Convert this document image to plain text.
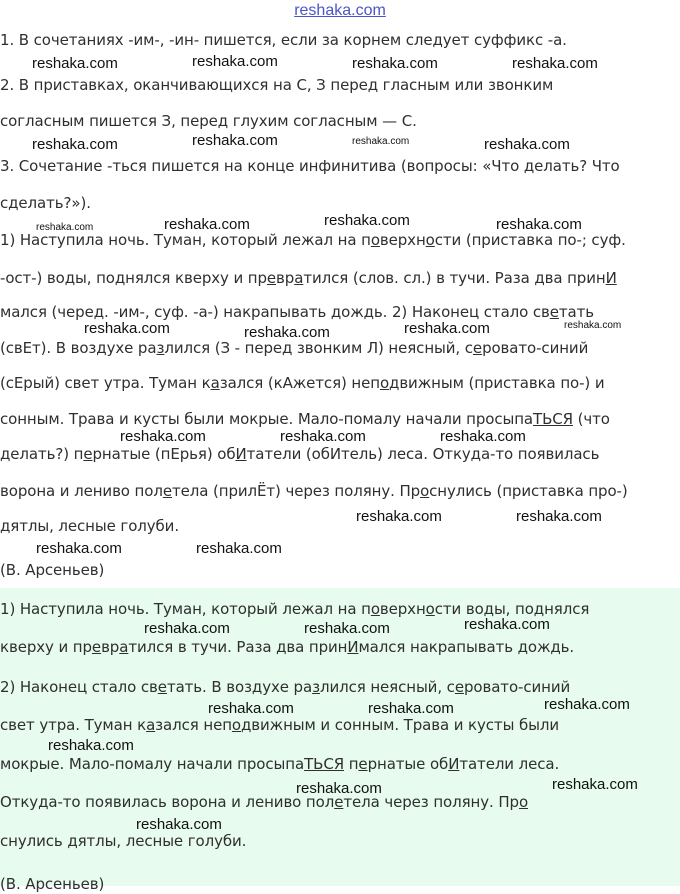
reshaka.com
1. В сочетаниях -им-, -ин- пишется, если за корнем следует суффикс -а.
2. В приставках, оканчивающихся на С, З перед гласным или звонким
согласным пишется З, перед глухим согласным — С.
3. Сочетание -ться пишется на конце инфинитива (вопросы: «Что делать? Что
сделать?»).
1) Наступила ночь. Туман, который лежал на поверхности (приставка по-; суф.
-ост-) воды, поднялся кверху и превратился (слов. сл.) в тучи. Раза два принИ
мался (черед. -им-, суф. -а-) накрапывать дождь. 2) Наконец стало светать
(свЕт). В воздухе разлился (З - перед звонким Л) неясный, серовато-синий
(сЕрый) свет утра. Туман казался (кАжется) неподвижным (приставка по-) и
сонным. Трава и кусты были мокрые. Мало-помалу начали просыпаТЬСЯ (что
делать?) пернатые (пЕрья) обИтатели (обИтель) леса. Откуда-то появилась
ворона и лениво полетела (прилЁт) через поляну. Проснулись (приставка про-)
дятлы, лесные голуби.
(В. Арсеньев)
1) Наступила ночь. Туман, который лежал на поверхности воды, поднялся
кверху и превратился в тучи. Раза два принИмался накрапывать дождь.
2) Наконец стало светать. В воздухе разлился неясный, серовато-синий
свет утра. Туман казался неподвижным и сонным. Трава и кусты были
мокрые. Мало-помалу начали просыпаТЬСЯ пернатые обИтатели леса.
Откуда-то появилась ворона и лениво полетела через поляну. Про
снулись дятлы, лесные голуби.
(В. Арсеньев)
reshaka.com	reshaka.com	reshaka.com	reshaka.com
reshaka.com	reshaka.com	reshaka.com	reshaka.com
reshaka.com	reshaka.com	reshaka.com	reshaka.com
reshaka.com	reshaka.com	reshaka.com	reshaka.com
reshaka.com	reshaka.com	reshaka.com
reshaka.com	reshaka.com
reshaka.com	reshaka.com
reshaka.com	reshaka.com	reshaka.com
reshaka.com	reshaka.com	reshaka.com
reshaka.com
reshaka.com	reshaka.com
reshaka.com
